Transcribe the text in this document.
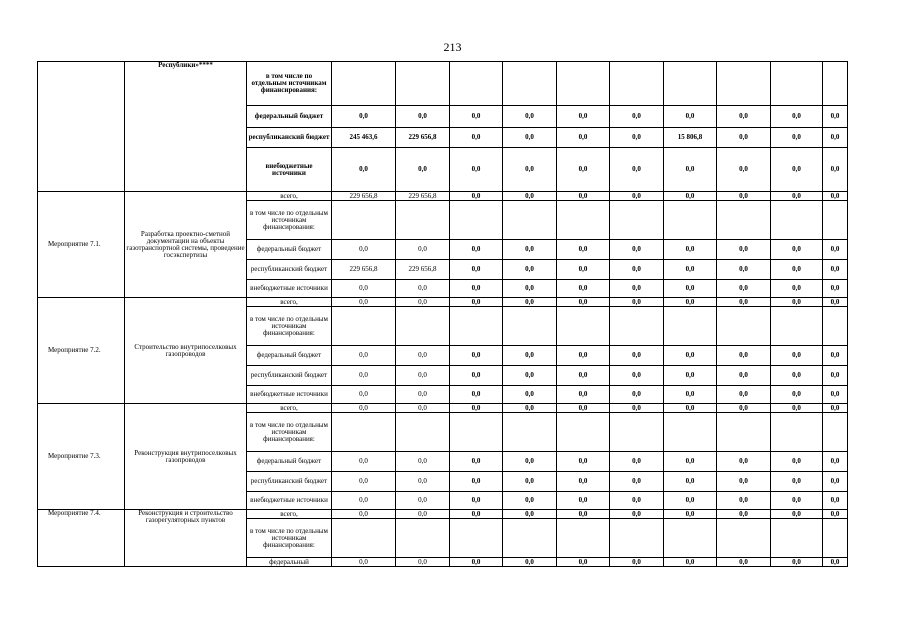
213
	Республики»****	в том числе по отдельным источникам финансирования:										
		федеральный бюджет	0,0	0,0	0,0	0,0	0,0	0,0	0,0	0,0	0,0	0,0
		республиканский бюджет	245 463,6	229 656,8	0,0	0,0	0,0	0,0	15 806,8	0,0	0,0	0,0
		внебюджетные источники	0,0	0,0	0,0	0,0	0,0	0,0	0,0	0,0	0,0	0,0
Мероприятие 7.1.	Разработка проектно-сметной документации на объекты газотранспортной системы, проведение госэкспертизы	всего,	229 656,8	229 656,8	0,0	0,0	0,0	0,0	0,0	0,0	0,0	0,0
		в том числе по отдельным источникам финансирования:										
		федеральный бюджет	0,0	0,0	0,0	0,0	0,0	0,0	0,0	0,0	0,0	0,0
		республиканский бюджет	229 656,8	229 656,8	0,0	0,0	0,0	0,0	0,0	0,0	0,0	0,0
		внебюджетные источники	0,0	0,0	0,0	0,0	0,0	0,0	0,0	0,0	0,0	0,0
Мероприятие 7.2.	Строительство внутрипоселковых газопроводов	всего,	0,0	0,0	0,0	0,0	0,0	0,0	0,0	0,0	0,0	0,0
		в том числе по отдельным источникам финансирования:										
		федеральный бюджет	0,0	0,0	0,0	0,0	0,0	0,0	0,0	0,0	0,0	0,0
		республиканский бюджет	0,0	0,0	0,0	0,0	0,0	0,0	0,0	0,0	0,0	0,0
		внебюджетные источники	0,0	0,0	0,0	0,0	0,0	0,0	0,0	0,0	0,0	0,0
Мероприятие 7.3.	Реконструкция внутрипоселковых газопроводов	всего,	0,0	0,0	0,0	0,0	0,0	0,0	0,0	0,0	0,0	0,0
		в том числе по отдельным источникам финансирования:										
		федеральный бюджет	0,0	0,0	0,0	0,0	0,0	0,0	0,0	0,0	0,0	0,0
		республиканский бюджет	0,0	0,0	0,0	0,0	0,0	0,0	0,0	0,0	0,0	0,0
		внебюджетные источники	0,0	0,0	0,0	0,0	0,0	0,0	0,0	0,0	0,0	0,0
Мероприятие 7.4.	Реконструкция и строительство газорегуляторных пунктов	всего,	0,0	0,0	0,0	0,0	0,0	0,0	0,0	0,0	0,0	0,0
		в том числе по отдельным источникам финансирования:										
		федеральный	0,0	0,0	0,0	0,0	0,0	0,0	0,0	0,0	0,0	0,0
